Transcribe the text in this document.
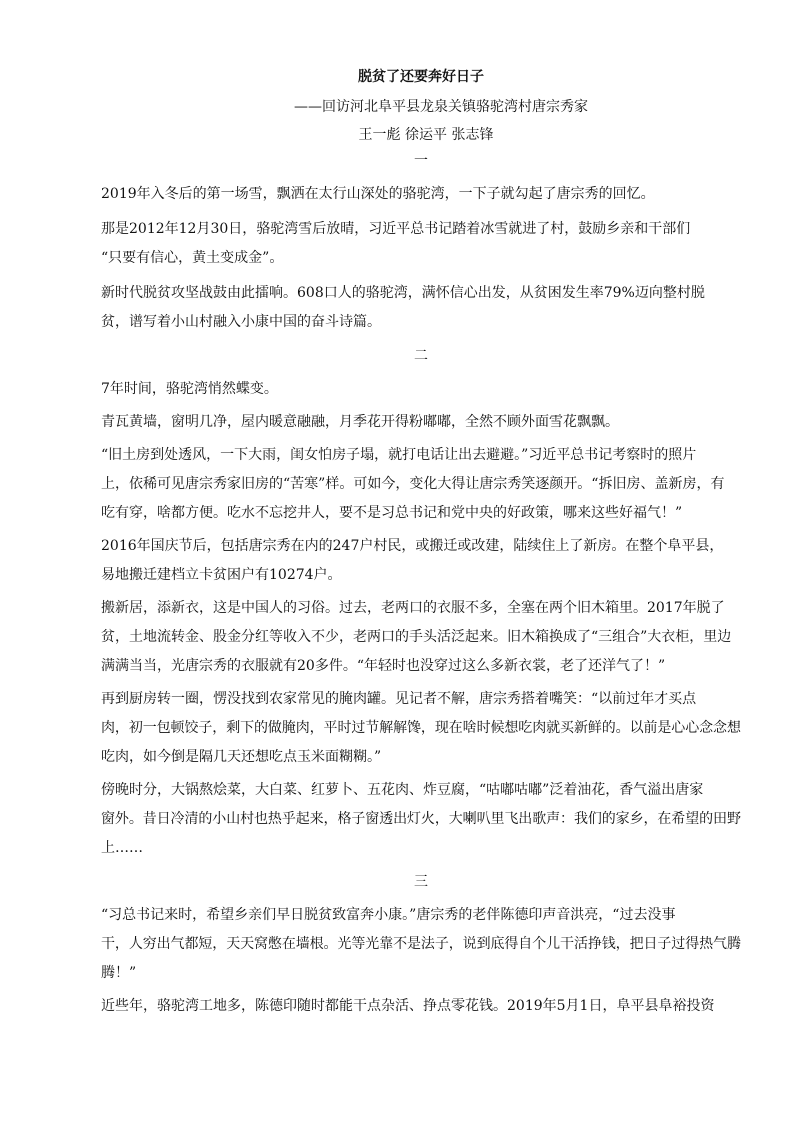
脱贫了还要奔好日子
——回访河北阜平县龙泉关镇骆驼湾村唐宗秀家
王一彪 徐运平 张志锋
一
2019年入冬后的第一场雪，飘洒在太行山深处的骆驼湾，一下子就勾起了唐宗秀的回忆。
那是2012年12月30日，骆驼湾雪后放晴，习近平总书记踏着冰雪就进了村，鼓励乡亲和干部们
“只要有信心，黄土变成金”。
新时代脱贫攻坚战鼓由此擂响。608口人的骆驼湾，满怀信心出发，从贫困发生率79%迈向整村脱
贫，谱写着小山村融入小康中国的奋斗诗篇。
二
7年时间，骆驼湾悄然蝶变。
青瓦黄墙，窗明几净，屋内暖意融融，月季花开得粉嘟嘟，全然不顾外面雪花飘飘。
“旧土房到处透风，一下大雨，闺女怕房子塌，就打电话让出去避避。”习近平总书记考察时的照片
上，依稀可见唐宗秀家旧房的“苦寒”样。可如今，变化大得让唐宗秀笑逐颜开。“拆旧房、盖新房，有
吃有穿，啥都方便。吃水不忘挖井人，要不是习总书记和党中央的好政策，哪来这些好福气！”
2016年国庆节后，包括唐宗秀在内的247户村民，或搬迁或改建，陆续住上了新房。在整个阜平县，
易地搬迁建档立卡贫困户有10274户。
搬新居，添新衣，这是中国人的习俗。过去，老两口的衣服不多，全塞在两个旧木箱里。2017年脱了
贫，土地流转金、股金分红等收入不少，老两口的手头活泛起来。旧木箱换成了“三组合”大衣柜，里边
满满当当，光唐宗秀的衣服就有20多件。“年轻时也没穿过这么多新衣裳，老了还洋气了！”
再到厨房转一圈，愣没找到农家常见的腌肉罐。见记者不解，唐宗秀搭着嘴笑：“以前过年才买点
肉，初一包顿饺子，剩下的做腌肉，平时过节解解馋，现在啥时候想吃肉就买新鲜的。以前是心心念念想
吃肉，如今倒是隔几天还想吃点玉米面糊糊。”
傍晚时分，大锅熬烩菜，大白菜、红萝卜、五花肉、炸豆腐，“咕嘟咕嘟”泛着油花，香气溢出唐家
窗外。昔日冷清的小山村也热乎起来，格子窗透出灯火，大喇叭里飞出歌声：我们的家乡，在希望的田野
上……
三
“习总书记来时，希望乡亲们早日脱贫致富奔小康。”唐宗秀的老伴陈德印声音洪亮，“过去没事
干，人穷出气都短，天天窝憋在墙根。光等光靠不是法子，说到底得自个儿干活挣钱，把日子过得热气腾
腾！”
近些年，骆驼湾工地多，陈德印随时都能干点杂活、挣点零花钱。2019年5月1日，阜平县阜裕投资
